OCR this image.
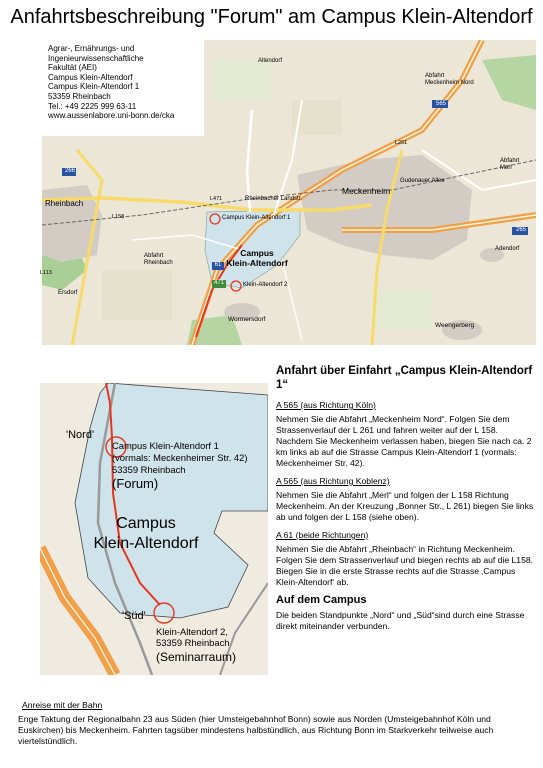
Anfahrtsbeschreibung "Forum" am Campus Klein-Altendorf
565
265
61
266
471
Campus
Klein-Altendorf
Campus Klein-Altendorf 1
Klein-Altendorf 2
Meckenheim
Rheinbach
Wormersdorf
Abfahrt
Meckenheim Nord
Abfahrt
Merl
Abfahrt
Rheinbach
Adendorf
Ersdorf
Altendorf
Weengerberg
Rheinbacher Landstr.
Gudenauer Allee
L158
L261
L471
L113
Agrar-, Ernährungs- und
Ingenieurwissenschaftliche
Fakultät (AEI)
Campus Klein-Altendorf
Campus Klein-Altendorf 1
53359 Rheinbach
Tel.: +49 2225 999 63-11
www.aussenlabore.uni-bonn.de/cka
'Nord'
Campus Klein-Altendorf 1
(vormals: Meckenheimer Str. 42)
53359 Rheinbach
(Forum)
Campus
Klein-Altendorf
'Süd'
Klein-Altendorf 2,
53359 Rheinbach
(Seminarraum)
Anfahrt über Einfahrt „Campus Klein-Altendorf 1“
A 565 (aus Richtung Köln)
Nehmen Sie die Abfahrt „Meckenheim Nord“. Folgen Sie dem Strassenverlauf der L 261 und fahren weiter auf der L 158. Nachdem Sie Meckenheim verlassen haben, biegen Sie nach ca. 2 km links ab auf die Strasse Campus Klein-Altendorf 1 (vormals: Meckenheimer Str. 42).
A 565 (aus Richtung Koblenz)
Nehmen Sie die Abfahrt „Merl“ und folgen der L 158 Richtung Meckenheim. An der Kreuzung „Bonner Str., L 261) biegen Sie links ab und folgen der L 158 (siehe oben).
A 61 (beide Richtungen)
Nehmen Sie die Abfahrt „Rheinbach“ in Richtung Meckenheim. Folgen Sie dem Strassenverlauf und biegen rechts ab auf die L158. Biegen Sie in die erste Strasse rechts auf die Strasse ‚Campus Klein-Altendorf‘ ab.
Auf dem Campus
Die beiden Standpunkte „Nord“ und „Süd“sind durch eine Strasse direkt miteinander verbunden.
Anreise mit der Bahn
Enge Taktung der Regionalbahn 23 aus Süden (hier Umsteigebahnhof Bonn) sowie aus Norden (Umsteigebahnhof Köln und Euskirchen) bis Meckenheim. Fahrten tagsüber mindestens halbstündlich, aus Richtung Bonn im Starkverkehr teilweise auch viertelstündlich.
